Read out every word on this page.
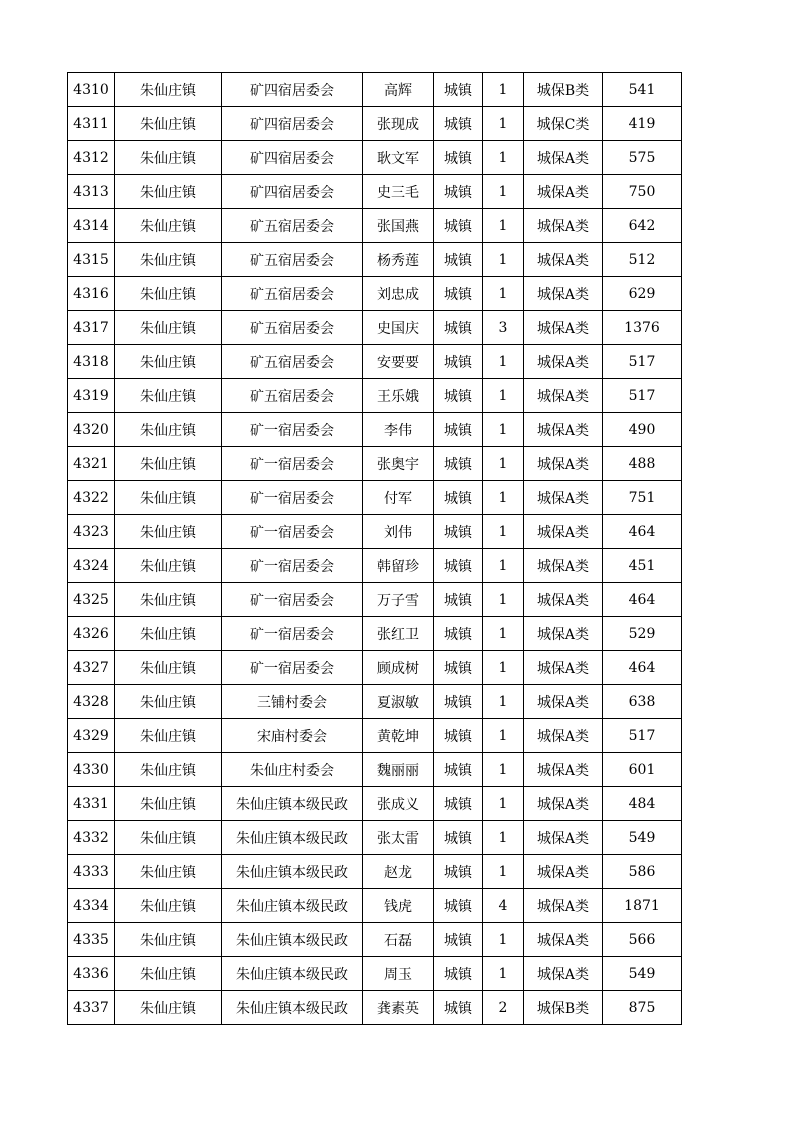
4310	朱仙庄镇	矿四宿居委会	高辉	城镇	1	城保B类	541
4311	朱仙庄镇	矿四宿居委会	张现成	城镇	1	城保C类	419
4312	朱仙庄镇	矿四宿居委会	耿文军	城镇	1	城保A类	575
4313	朱仙庄镇	矿四宿居委会	史三毛	城镇	1	城保A类	750
4314	朱仙庄镇	矿五宿居委会	张国燕	城镇	1	城保A类	642
4315	朱仙庄镇	矿五宿居委会	杨秀莲	城镇	1	城保A类	512
4316	朱仙庄镇	矿五宿居委会	刘忠成	城镇	1	城保A类	629
4317	朱仙庄镇	矿五宿居委会	史国庆	城镇	3	城保A类	1376
4318	朱仙庄镇	矿五宿居委会	安要要	城镇	1	城保A类	517
4319	朱仙庄镇	矿五宿居委会	王乐娥	城镇	1	城保A类	517
4320	朱仙庄镇	矿一宿居委会	李伟	城镇	1	城保A类	490
4321	朱仙庄镇	矿一宿居委会	张奥宇	城镇	1	城保A类	488
4322	朱仙庄镇	矿一宿居委会	付军	城镇	1	城保A类	751
4323	朱仙庄镇	矿一宿居委会	刘伟	城镇	1	城保A类	464
4324	朱仙庄镇	矿一宿居委会	韩留珍	城镇	1	城保A类	451
4325	朱仙庄镇	矿一宿居委会	万子雪	城镇	1	城保A类	464
4326	朱仙庄镇	矿一宿居委会	张红卫	城镇	1	城保A类	529
4327	朱仙庄镇	矿一宿居委会	顾成树	城镇	1	城保A类	464
4328	朱仙庄镇	三铺村委会	夏淑敏	城镇	1	城保A类	638
4329	朱仙庄镇	宋庙村委会	黄乾坤	城镇	1	城保A类	517
4330	朱仙庄镇	朱仙庄村委会	魏丽丽	城镇	1	城保A类	601
4331	朱仙庄镇	朱仙庄镇本级民政	张成义	城镇	1	城保A类	484
4332	朱仙庄镇	朱仙庄镇本级民政	张太雷	城镇	1	城保A类	549
4333	朱仙庄镇	朱仙庄镇本级民政	赵龙	城镇	1	城保A类	586
4334	朱仙庄镇	朱仙庄镇本级民政	钱虎	城镇	4	城保A类	1871
4335	朱仙庄镇	朱仙庄镇本级民政	石磊	城镇	1	城保A类	566
4336	朱仙庄镇	朱仙庄镇本级民政	周玉	城镇	1	城保A类	549
4337	朱仙庄镇	朱仙庄镇本级民政	龚素英	城镇	2	城保B类	875
